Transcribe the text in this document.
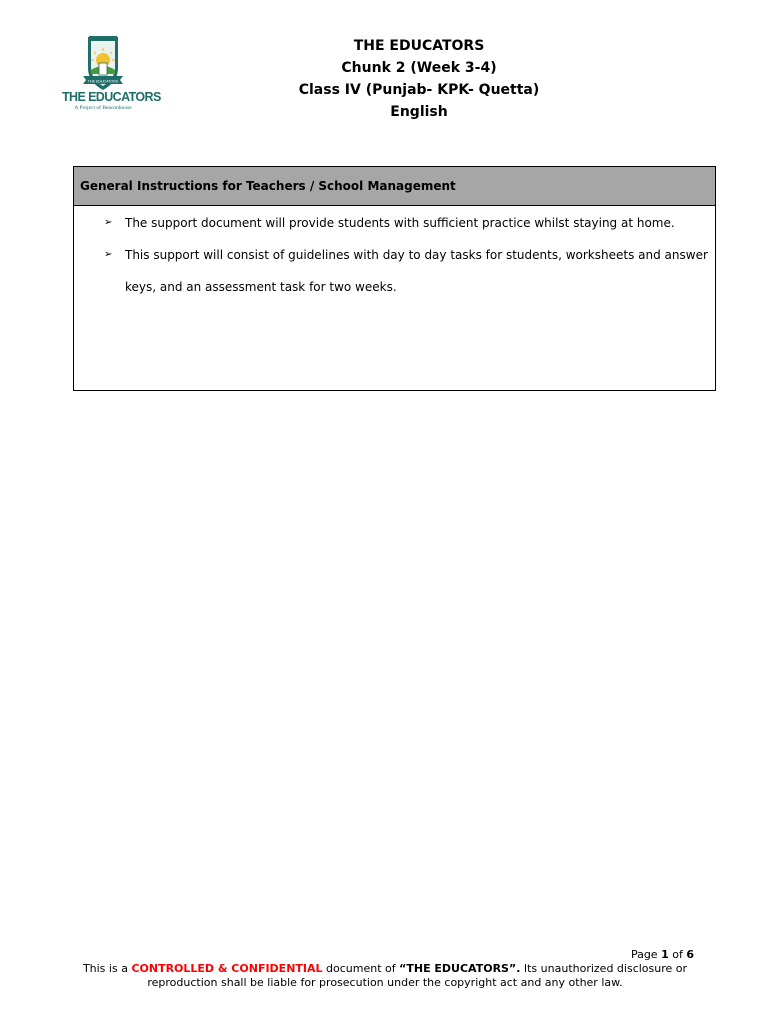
THE EDUCATORS
THE EDUCATORS
A Project of Beaconhouse
THE EDUCATORS
Chunk 2 (Week 3-4)
Class IV (Punjab- KPK- Quetta)
English
General Instructions for Teachers / School Management
➢ The support document will provide students with sufficient practice whilst staying at home.
➢ This support will consist of guidelines with day to day tasks for students, worksheets and answer keys, and an assessment task for two weeks.
Page 1 of 6
This is a CONTROLLED & CONFIDENTIAL document of “THE EDUCATORS”. Its unauthorized disclosure or reproduction shall be liable for prosecution under the copyright act and any other law.
